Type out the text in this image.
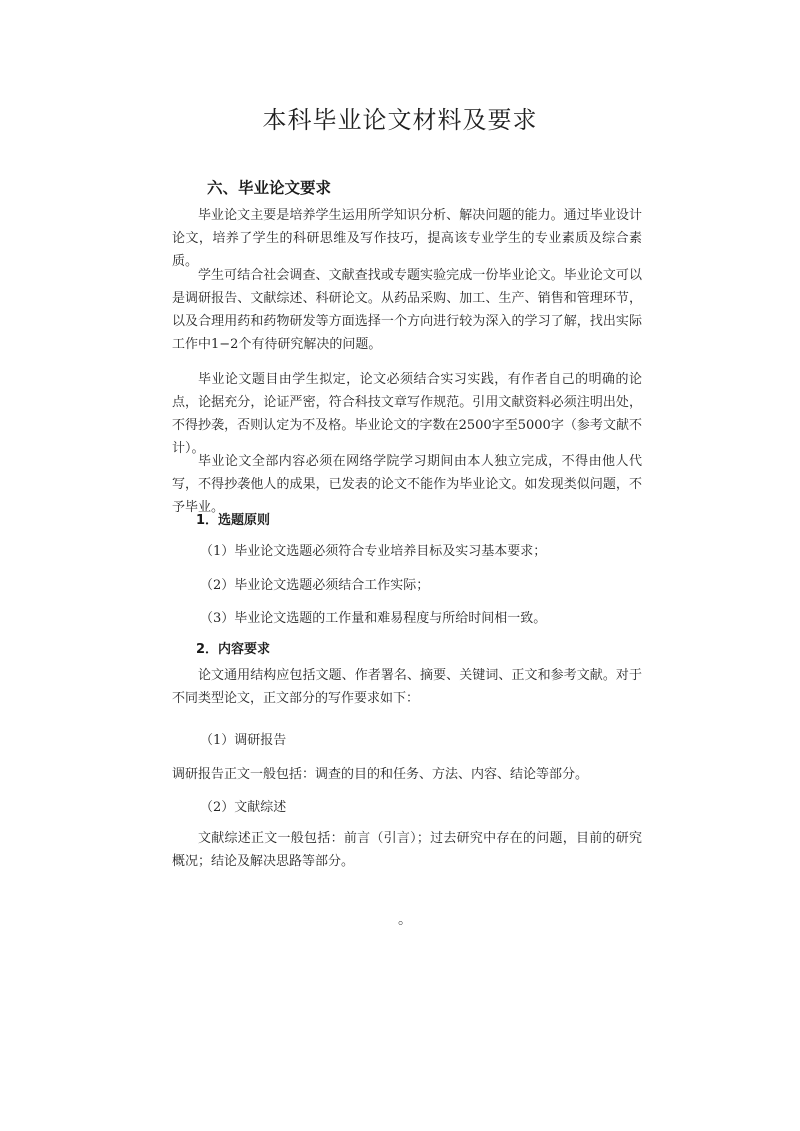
本科毕业论文材料及要求
六、毕业论文要求

毕业论文主要是培养学生运用所学知识分析、解决问题的能力。通过毕业设计论文，培养了学生的科研思维及写作技巧，提高该专业学生的专业素质及综合素质。

学生可结合社会调查、文献查找或专题实验完成一份毕业论文。毕业论文可以是调研报告、文献综述、科研论文。从药品采购、加工、生产、销售和管理环节，以及合理用药和药物研发等方面选择一个方向进行较为深入的学习了解，找出实际工作中1−2个有待研究解决的问题。

毕业论文题目由学生拟定，论文必须结合实习实践，有作者自己的明确的论点，论据充分，论证严密，符合科技文章写作规范。引用文献资料必须注明出处，不得抄袭，否则认定为不及格。毕业论文的字数在2500字至5000字（参考文献不计）。

毕业论文全部内容必须在网络学院学习期间由本人独立完成，不得由他人代写，不得抄袭他人的成果，已发表的论文不能作为毕业论文。如发现类似问题，不予毕业。

1．选题原则
（1）毕业论文选题必须符合专业培养目标及实习基本要求；
（2）毕业论文选题必须结合工作实际；
（3）毕业论文选题的工作量和难易程度与所给时间相一致。
2．内容要求

论文通用结构应包括文题、作者署名、摘要、关键词、正文和参考文献。对于不同类型论文，正文部分的写作要求如下：

（1）调研报告
调研报告正文一般包括：调查的目的和任务、方法、内容、结论等部分。
（2）文献综述

文献综述正文一般包括：前言（引言）；过去研究中存在的问题，目前的研究概况；结论及解决思路等部分。

。
